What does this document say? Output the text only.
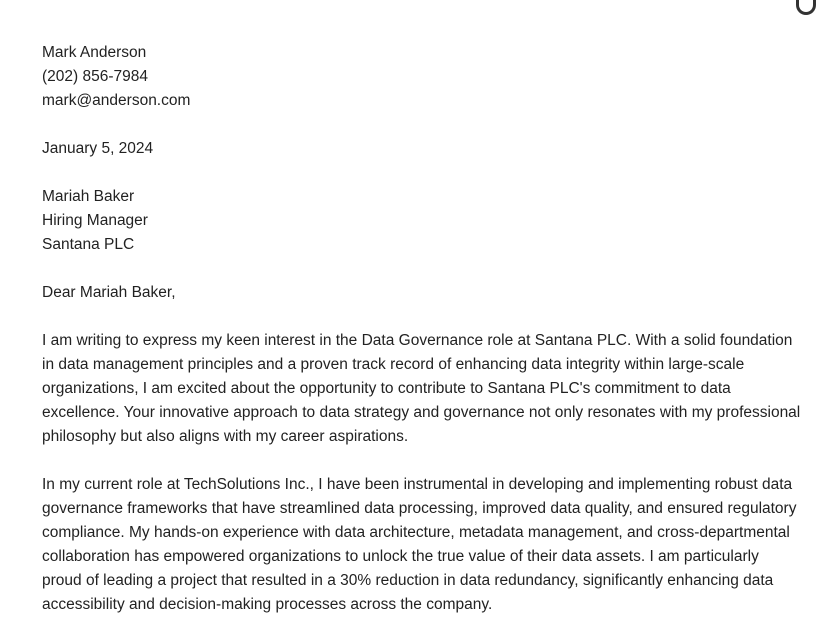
Mark Anderson
(202) 856-7984
mark@anderson.com

January 5, 2024

Mariah Baker
Hiring Manager
Santana PLC

Dear Mariah Baker,

I am writing to express my keen interest in the Data Governance role at Santana PLC. With a solid foundation in data management principles and a proven track record of enhancing data integrity within large-scale organizations, I am excited about the opportunity to contribute to Santana PLC's commitment to data excellence. Your innovative approach to data strategy and governance not only resonates with my professional philosophy but also aligns with my career aspirations.

In my current role at TechSolutions Inc., I have been instrumental in developing and implementing robust data governance frameworks that have streamlined data processing, improved data quality, and ensured regulatory compliance. My hands-on experience with data architecture, metadata management, and cross-departmental collaboration has empowered organizations to unlock the true value of their data assets. I am particularly proud of leading a project that resulted in a 30% reduction in data redundancy, significantly enhancing data accessibility and decision-making processes across the company.
